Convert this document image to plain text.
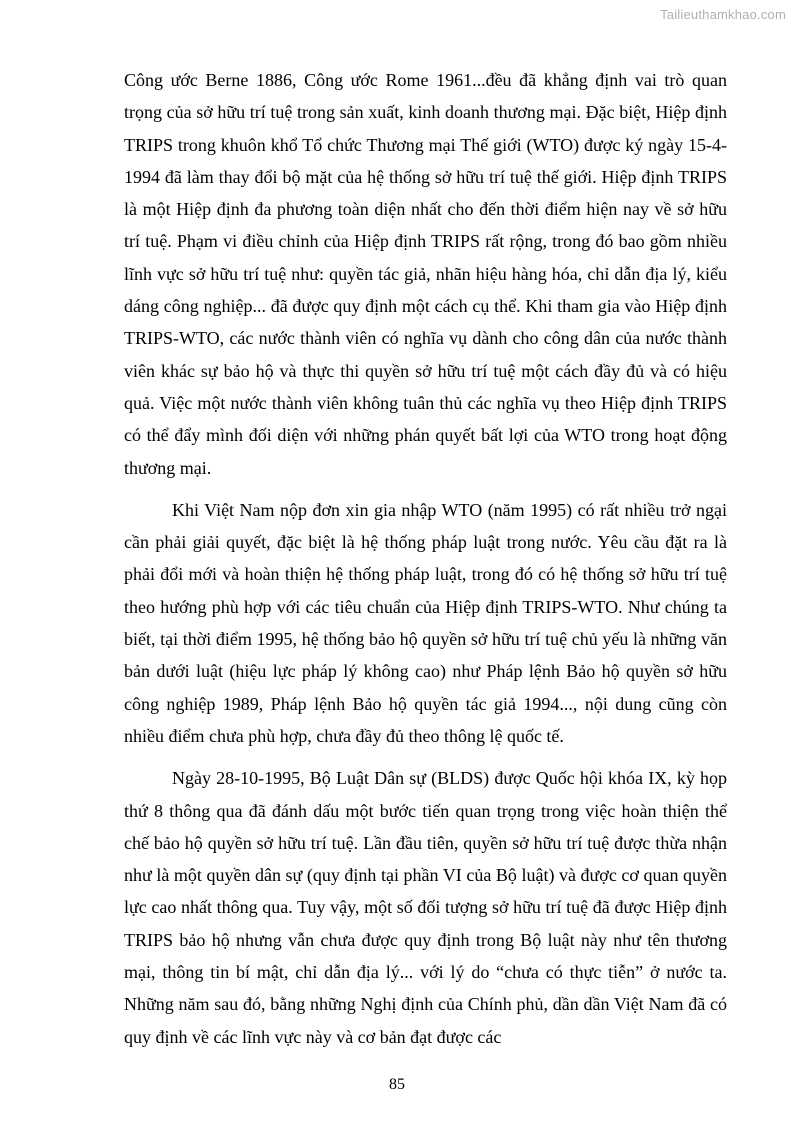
Tailieuthamkhao.com

Công ước Berne 1886, Công ước Rome 1961...đều đã khẳng định vai trò quan trọng của sở hữu trí tuệ trong sản xuất, kinh doanh thương mại. Đặc biệt, Hiệp định TRIPS trong khuôn khổ Tổ chức Thương mại Thế giới (WTO) được ký ngày 15-4-1994 đã làm thay đổi bộ mặt của hệ thống sở hữu trí tuệ thế giới. Hiệp định TRIPS là một Hiệp định đa phương toàn diện nhất cho đến thời điểm hiện nay về sở hữu trí tuệ. Phạm vi điều chỉnh của Hiệp định TRIPS rất rộng, trong đó bao gồm nhiều lĩnh vực sở hữu trí tuệ như: quyền tác giả, nhãn hiệu hàng hóa, chỉ dẫn địa lý, kiểu dáng công nghiệp... đã được quy định một cách cụ thể. Khi tham gia vào Hiệp định TRIPS-WTO, các nước thành viên có nghĩa vụ dành cho công dân của nước thành viên khác sự bảo hộ và thực thi quyền sở hữu trí tuệ một cách đầy đủ và có hiệu quả. Việc một nước thành viên không tuân thủ các nghĩa vụ theo Hiệp định TRIPS có thể đẩy mình đối diện với những phán quyết bất lợi của WTO trong hoạt động thương mại.

Khi Việt Nam nộp đơn xin gia nhập WTO (năm 1995) có rất nhiều trở ngại cần phải giải quyết, đặc biệt là hệ thống pháp luật trong nước. Yêu cầu đặt ra là phải đổi mới và hoàn thiện hệ thống pháp luật, trong đó có hệ thống sở hữu trí tuệ theo hướng phù hợp với các tiêu chuẩn của Hiệp định TRIPS-WTO. Như chúng ta biết, tại thời điểm 1995, hệ thống bảo hộ quyền sở hữu trí tuệ chủ yếu là những văn bản dưới luật (hiệu lực pháp lý không cao) như Pháp lệnh Bảo hộ quyền sở hữu công nghiệp 1989, Pháp lệnh Bảo hộ quyền tác giả 1994..., nội dung cũng còn nhiều điểm chưa phù hợp, chưa đầy đủ theo thông lệ quốc tế.

Ngày 28-10-1995, Bộ Luật Dân sự (BLDS) được Quốc hội khóa IX, kỳ họp thứ 8 thông qua đã đánh dấu một bước tiến quan trọng trong việc hoàn thiện thể chế bảo hộ quyền sở hữu trí tuệ. Lần đầu tiên, quyền sở hữu trí tuệ được thừa nhận như là một quyền dân sự (quy định tại phần VI của Bộ luật) và được cơ quan quyền lực cao nhất thông qua. Tuy vậy, một số đối tượng sở hữu trí tuệ đã được Hiệp định TRIPS bảo hộ nhưng vẫn chưa được quy định trong Bộ luật này như tên thương mại, thông tin bí mật, chỉ dẫn địa lý... với lý do “chưa có thực tiễn” ở nước ta. Những năm sau đó, bằng những Nghị định của Chính phủ, dần dần Việt Nam đã có quy định về các lĩnh vực này và cơ bản đạt được các

85
